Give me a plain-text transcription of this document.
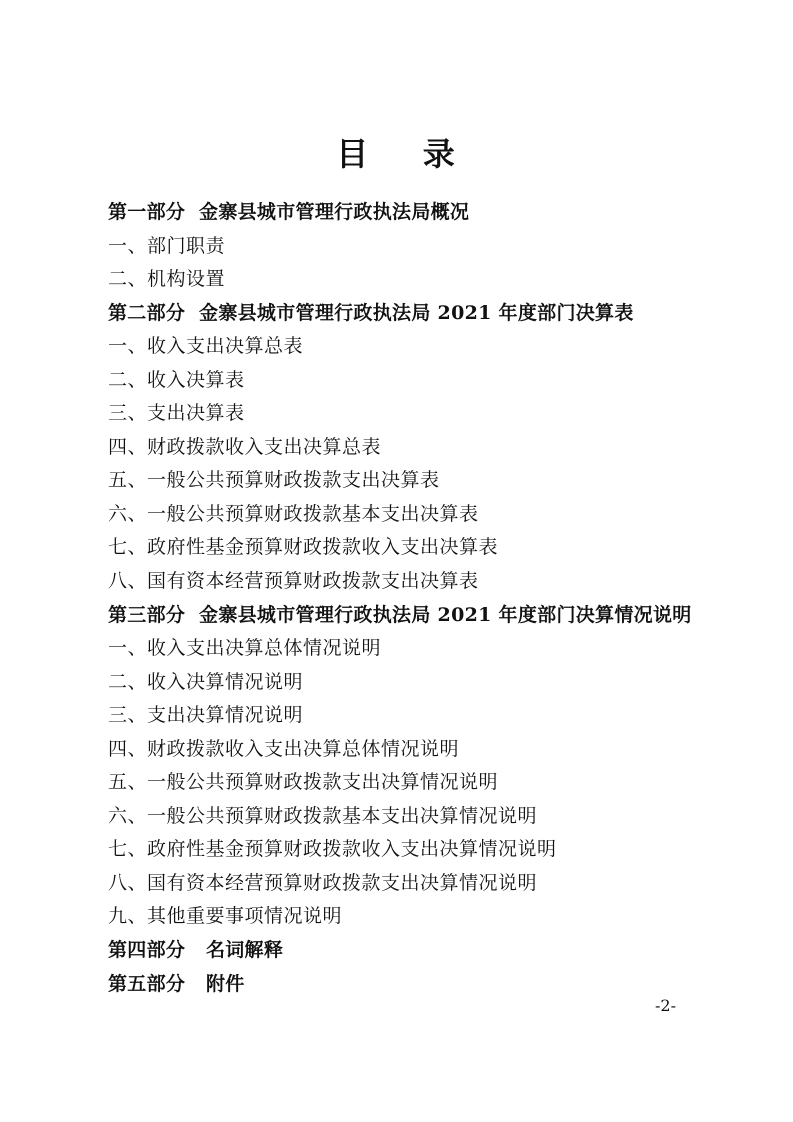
目    录
第一部分  金寨县城市管理行政执法局概况
一、部门职责
二、机构设置
第二部分  金寨县城市管理行政执法局 2021 年度部门决算表
一、收入支出决算总表
二、收入决算表
三、支出决算表
四、财政拨款收入支出决算总表
五、一般公共预算财政拨款支出决算表
六、一般公共预算财政拨款基本支出决算表
七、政府性基金预算财政拨款收入支出决算表
八、国有资本经营预算财政拨款支出决算表
第三部分  金寨县城市管理行政执法局 2021 年度部门决算情况说明
一、收入支出决算总体情况说明
二、收入决算情况说明
三、支出决算情况说明
四、财政拨款收入支出决算总体情况说明
五、一般公共预算财政拨款支出决算情况说明
六、一般公共预算财政拨款基本支出决算情况说明
七、政府性基金预算财政拨款收入支出决算情况说明
八、国有资本经营预算财政拨款支出决算情况说明
九、其他重要事项情况说明
第四部分   名词解释
第五部分   附件
-2-
